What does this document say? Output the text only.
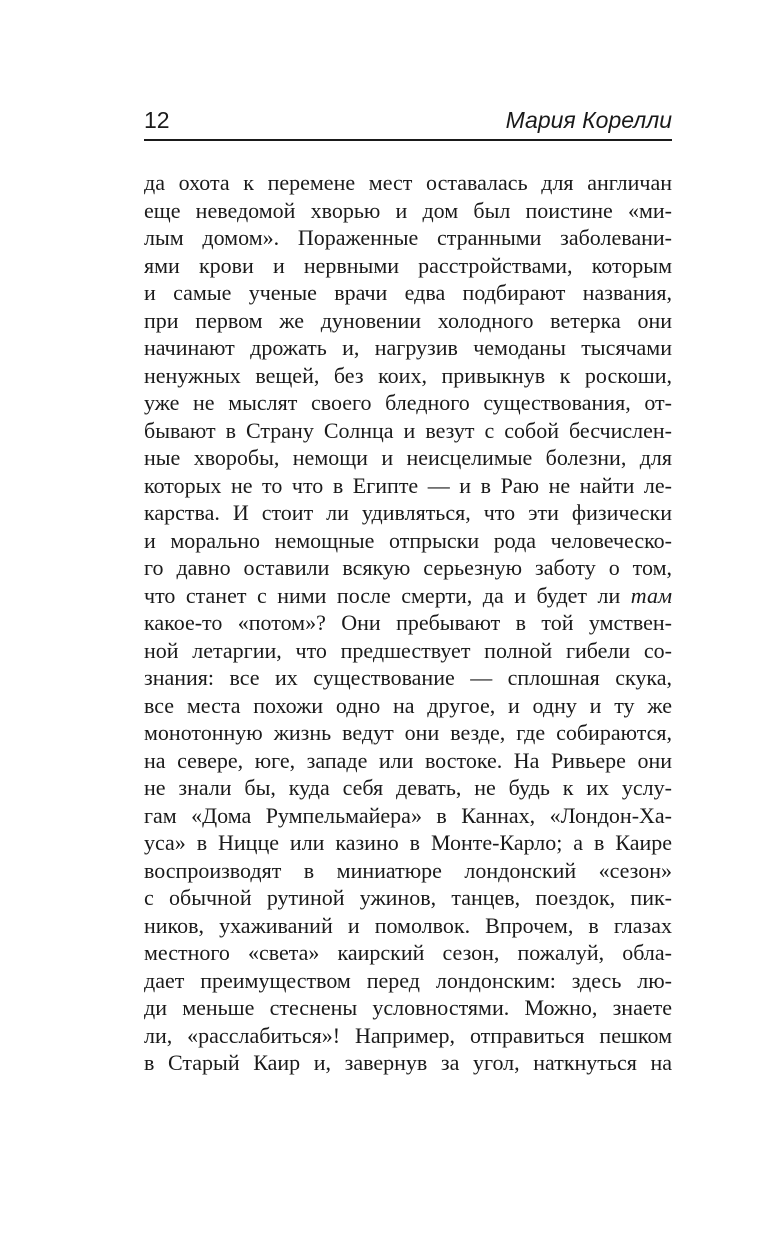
12	Мария Корелли
да охота к перемене мест оставалась для англичан
еще неведомой хворью и дом был поистине «ми-
лым домом». Пораженные странными заболевани-
ями крови и нервными расстройствами, которым
и самые ученые врачи едва подбирают названия,
при первом же дуновении холодного ветерка они
начинают дрожать и, нагрузив чемоданы тысячами
ненужных вещей, без коих, привыкнув к роскоши,
уже не мыслят своего бледного существования, от-
бывают в Страну Солнца и везут с собой бесчислен-
ные хворобы, немощи и неисцелимые болезни, для
которых не то что в Египте — и в Раю не найти ле-
карства. И стоит ли удивляться, что эти физически
и морально немощные отпрыски рода человеческо-
го давно оставили всякую серьезную заботу о том,
что станет с ними после смерти, да и будет ли там
какое-то «потом»? Они пребывают в той умствен-
ной летаргии, что предшествует полной гибели со-
знания: все их существование — сплошная скука,
все места похожи одно на другое, и одну и ту же
монотонную жизнь ведут они везде, где собираются,
на севере, юге, западе или востоке. На Ривьере они
не знали бы, куда себя девать, не будь к их услу-
гам «Дома Румпельмайера» в Каннах, «Лондон-Ха-
уса» в Ницце или казино в Монте-Карло; а в Каире
воспроизводят в миниатюре лондонский «сезон»
с обычной рутиной ужинов, танцев, поездок, пик-
ников, ухаживаний и помолвок. Впрочем, в глазах
местного «света» каирский сезон, пожалуй, обла-
дает преимуществом перед лондонским: здесь лю-
ди меньше стеснены условностями. Можно, знаете
ли, «расслабиться»! Например, отправиться пешком
в Старый Каир и, завернув за угол, наткнуться на
